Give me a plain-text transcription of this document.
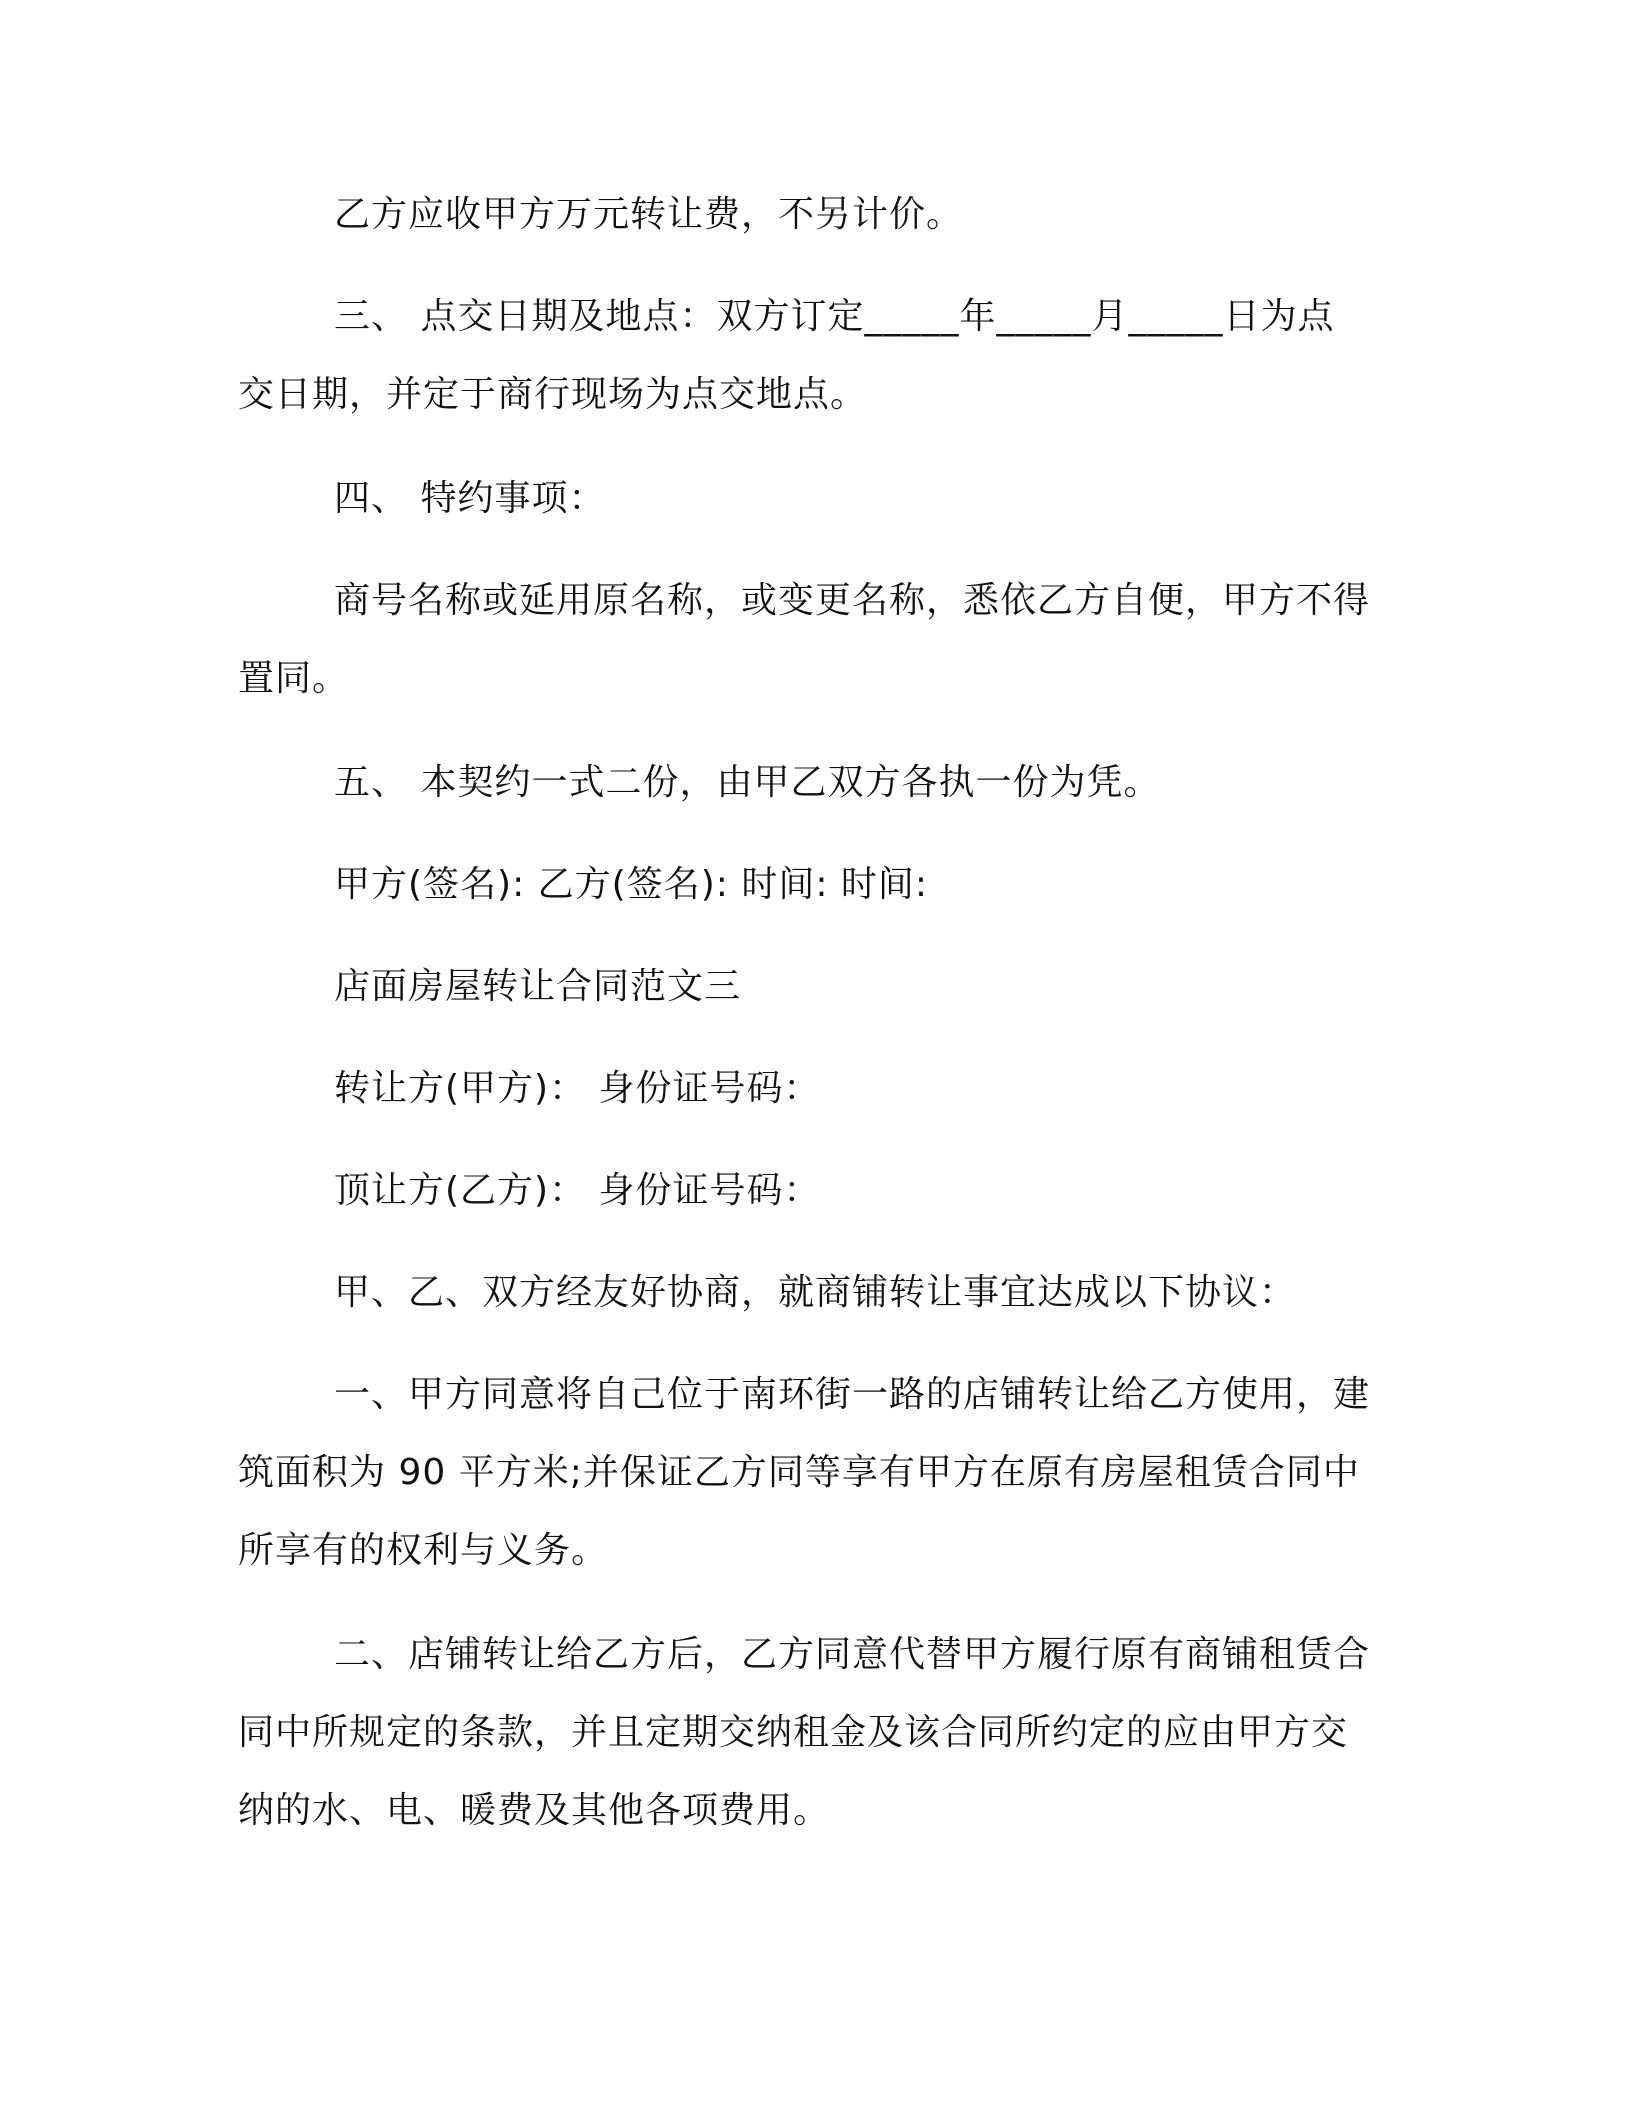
乙方应收甲方万元转让费，不另计价。
三、 点交日期及地点：双方订定_____年_____月_____日为点
交日期，并定于商行现场为点交地点。
四、 特约事项：
商号名称或延用原名称，或变更名称，悉依乙方自便，甲方不得
置同。
五、 本契约一式二份，由甲乙双方各执一份为凭。
甲方(签名): 乙方(签名): 时间: 时间:
店面房屋转让合同范文三
转让方(甲方)： 身份证号码：
顶让方(乙方)： 身份证号码：
甲、乙、双方经友好协商，就商铺转让事宜达成以下协议：
一、甲方同意将自己位于南环街一路的店铺转让给乙方使用，建
筑面积为 90 平方米;并保证乙方同等享有甲方在原有房屋租赁合同中
所享有的权利与义务。
二、店铺转让给乙方后，乙方同意代替甲方履行原有商铺租赁合
同中所规定的条款，并且定期交纳租金及该合同所约定的应由甲方交
纳的水、电、暖费及其他各项费用。
